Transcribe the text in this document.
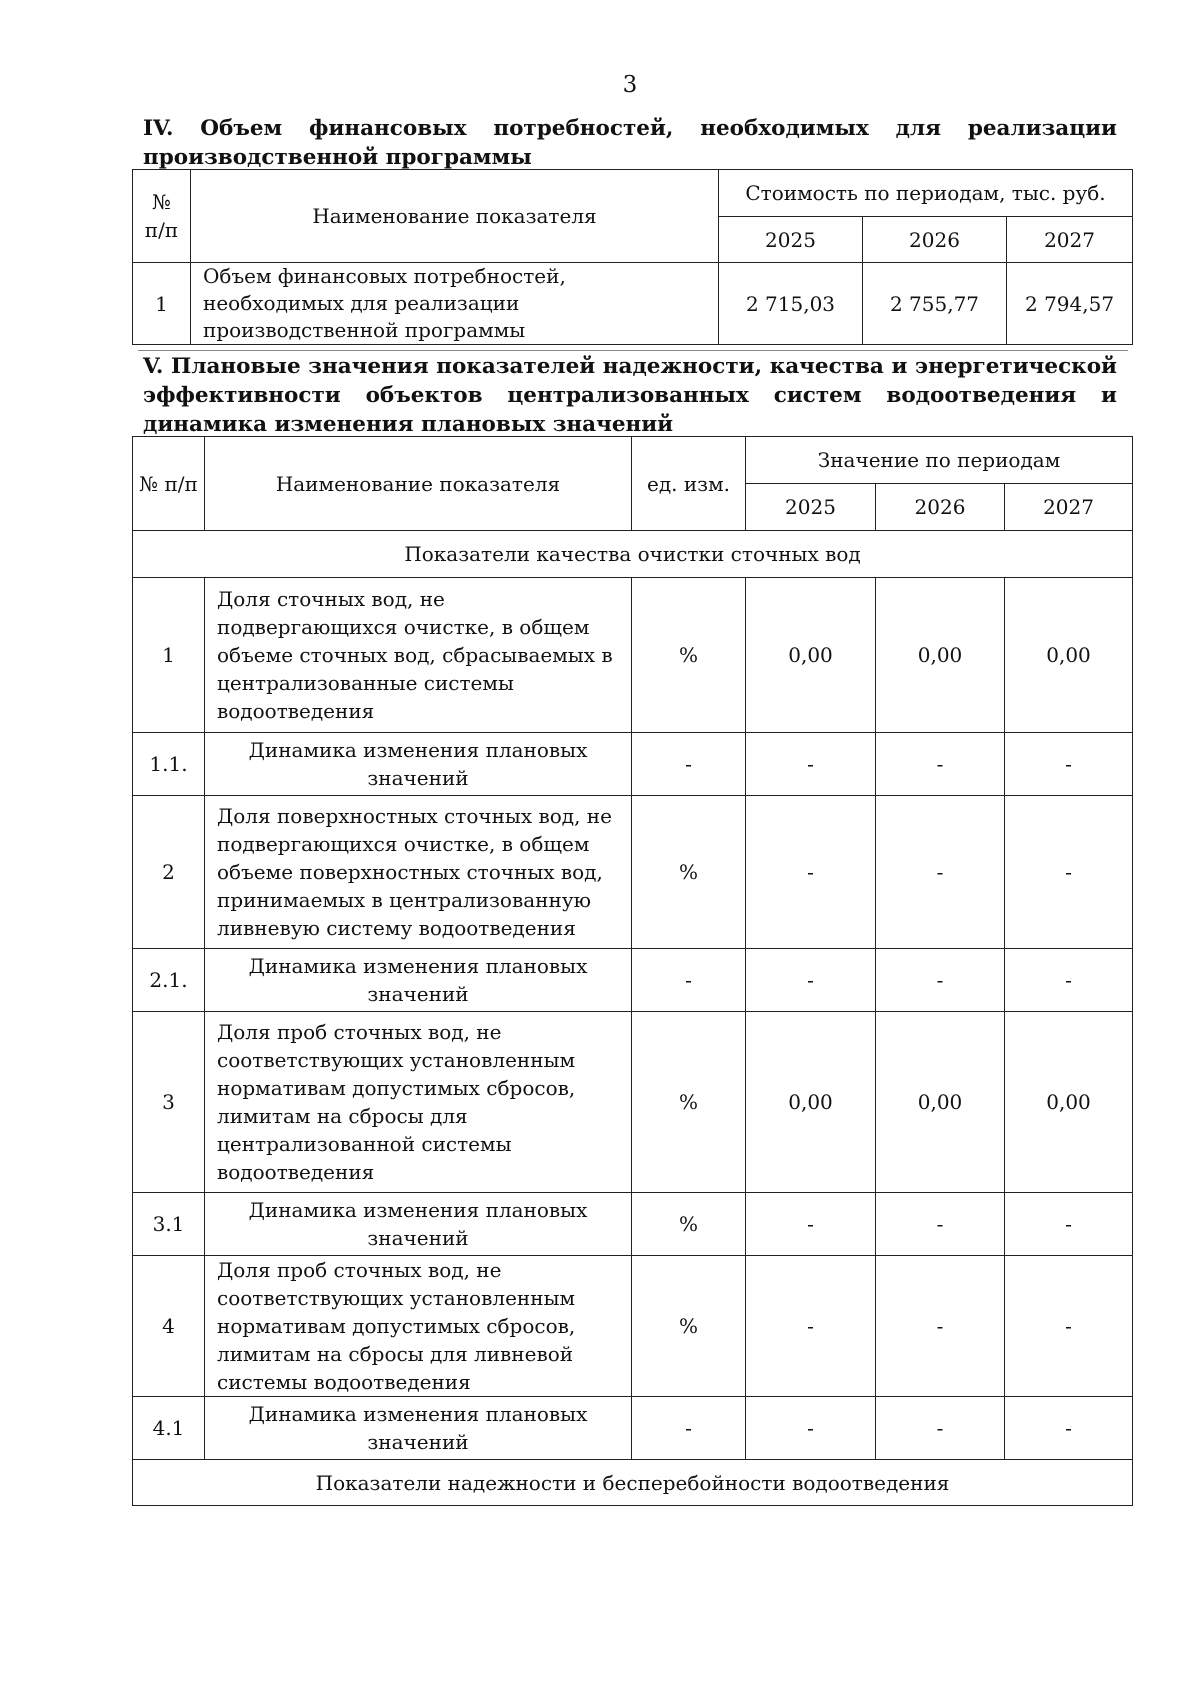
3
IV. Объем финансовых потребностей, необходимых для реализации производственной программы
№ п/п	Наименование показателя	Стоимость по периодам, тыс. руб.		
		2025	2026	2027
1	Объем финансовых потребностей, необходимых для реализации производственной программы	2 715,03	2 755,77	2 794,57
V. Плановые значения показателей надежности, качества и энергетической эффективности объектов централизованных систем водоотведения и динамика изменения плановых значений
№ п/п	Наименование показателя	ед. изм.	Значение по периодам		
			2025	2026	2027
Показатели качества очистки сточных вод					
1	Доля сточных вод, не подвергающихся очистке, в общем объеме сточных вод, сбрасываемых в централизованные системы водоотведения	%	0,00	0,00	0,00
1.1.	Динамика изменения плановых значений	-	-	-	-
2	Доля поверхностных сточных вод, не подвергающихся очистке, в общем объеме поверхностных сточных вод, принимаемых в централизованную ливневую систему водоотведения	%	-	-	-
2.1.	Динамика изменения плановых значений	-	-	-	-
3	Доля проб сточных вод, не соответствующих установленным нормативам допустимых сбросов, лимитам на сбросы для централизованной системы водоотведения	%	0,00	0,00	0,00
3.1	Динамика изменения плановых значений	%	-	-	-
4	Доля проб сточных вод, не соответствующих установленным нормативам допустимых сбросов, лимитам на сбросы для ливневой системы водоотведения	%	-	-	-
4.1	Динамика изменения плановых значений	-	-	-	-
Показатели надежности и бесперебойности водоотведения					
